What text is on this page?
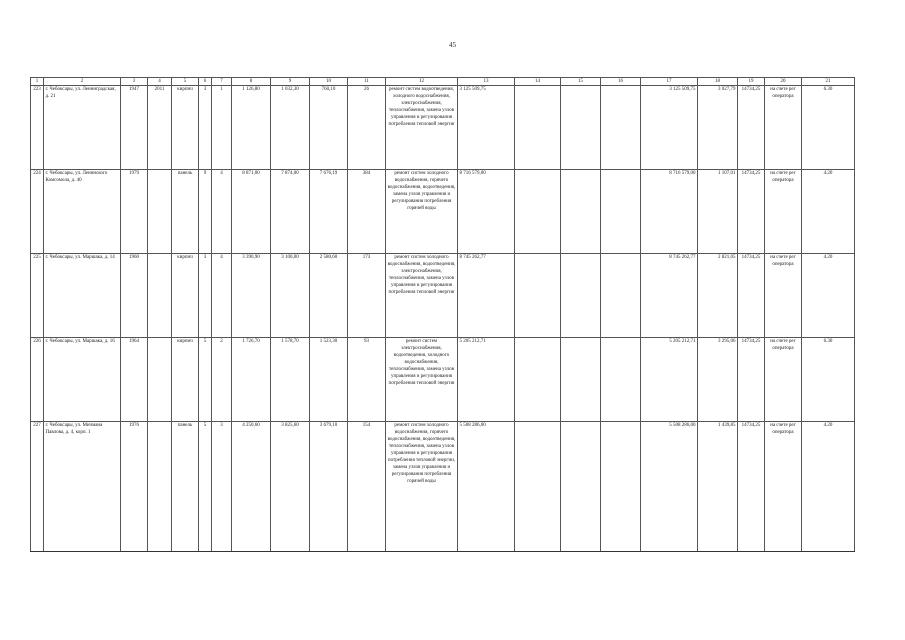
45
1	2	3	4	5	6	7	8	9	10	11	12	13	14	15	16	17	18	19	20	21
223	г. Чебоксары, ул. Ленинградская, д. 21	1947	2011	кирпич	3	1	1 126,80	1 032,30	760,10	26	ремонт систем водоотведения, холодного водоснабжения, электроснабжения, теплоснабжения, замена узлов управления и регулирования потребления тепловой энергии	3 125 509,75				3 125 509,75	3 027,79	14734,25	на счете рег оператора	6.30
224	г. Чебоксары, ул. Ленинского Комсомола, д. 40	1979		панель	9	4	8 871,00	7 874,00	7 676,19	384	ремонт систем холодного водоснабжения, горячего водоснабжения, водоотведения, замена узлов управления и регулирования потребления горячей воды	8 716 579,00				8 716 579,00	1 107,01	14734,25	на счете рег оператора	4.20
225	г. Чебоксары, ул. Маршака, д. 14	1960		кирпич	3	4	3 390,90	3 100,00	2 580,60	173	ремонт систем холодного водоснабжения, водоотведения, электроснабжения, теплоснабжения, замена узлов управления и регулирования потребления тепловой энергии	8 745 262,77				8 745 262,77	2 821,05	14734,25	на счете рег оператора	4.20
226	г. Чебоксары, ул. Маршака, д. 16	1964		кирпич	5	2	1 726,70	1 578,70	1 523,30	93	ремонт систем электроснабжения, водоотведения, холодного водоснабжения, теплоснабжения, замена узлов управления и регулирования потребления тепловой энергии	5 205 212,71				5 205 212,71	3 295,06	14734,25	на счете рег оператора	6.30
227	г. Чебоксары, ул. Мичмана Павлова, д. 4, корп. 1	1976		панель	5	3	4 250,60	3 825,60	3 679,10	154	ремонт систем холодного водоснабжения, горячего водоснабжения, водоотведения, теплоснабжения, замена узлов управления и регулирования потребления тепловой энергии, замена узлов управления и регулирования потребления горячей воды	5 508 286,00				5 508 286,00	1 439,85	14734,25	на счете рег оператора	4.20
